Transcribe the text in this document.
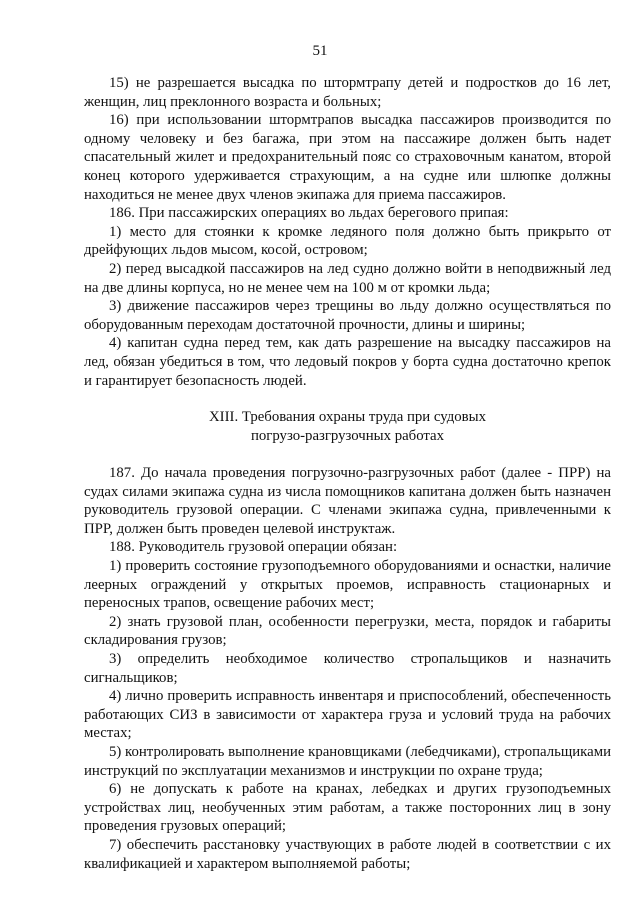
51

15) не разрешается высадка по штормтрапу детей и подростков до 16 лет, женщин, лиц преклонного возраста и больных;

16) при использовании штормтрапов высадка пассажиров производится по одному человеку и без багажа, при этом на пассажире должен быть надет спасательный жилет и предохранительный пояс со страховочным канатом, второй конец которого удерживается страхующим, а на судне или шлюпке должны находиться не менее двух членов экипажа для приема пассажиров.

186. При пассажирских операциях во льдах берегового припая:

1) место для стоянки к кромке ледяного поля должно быть прикрыто от дрейфующих льдов мысом, косой, островом;

2) перед высадкой пассажиров на лед судно должно войти в неподвижный лед на две длины корпуса, но не менее чем на 100 м от кромки льда;

3) движение пассажиров через трещины во льду должно осуществляться по оборудованным переходам достаточной прочности, длины и ширины;

4) капитан судна перед тем, как дать разрешение на высадку пассажиров на лед, обязан убедиться в том, что ледовый покров у борта судна достаточно крепок и гарантирует безопасность людей.

XIII. Требования охраны труда при судовых
погрузо-разгрузочных работах

187. До начала проведения погрузочно-разгрузочных работ (далее - ПРР) на судах силами экипажа судна из числа помощников капитана должен быть назначен руководитель грузовой операции. С членами экипажа судна, привлеченными к ПРР, должен быть проведен целевой инструктаж.

188. Руководитель грузовой операции обязан:

1) проверить состояние грузоподъемного оборудованиями и оснастки, наличие леерных ограждений у открытых проемов, исправность стационарных и переносных трапов, освещение рабочих мест;

2) знать грузовой план, особенности перегрузки, места, порядок и габариты складирования грузов;

3) определить необходимое количество стропальщиков и назначить сигнальщиков;

4) лично проверить исправность инвентаря и приспособлений, обеспеченность работающих СИЗ в зависимости от характера груза и условий труда на рабочих местах;

5) контролировать выполнение крановщиками (лебедчиками), стропальщиками инструкций по эксплуатации механизмов и инструкции по охране труда;

6) не допускать к работе на кранах, лебедках и других грузоподъемных устройствах лиц, необученных этим работам, а также посторонних лиц в зону проведения грузовых операций;

7) обеспечить расстановку участвующих в работе людей в соответствии с их квалификацией и характером выполняемой работы;
